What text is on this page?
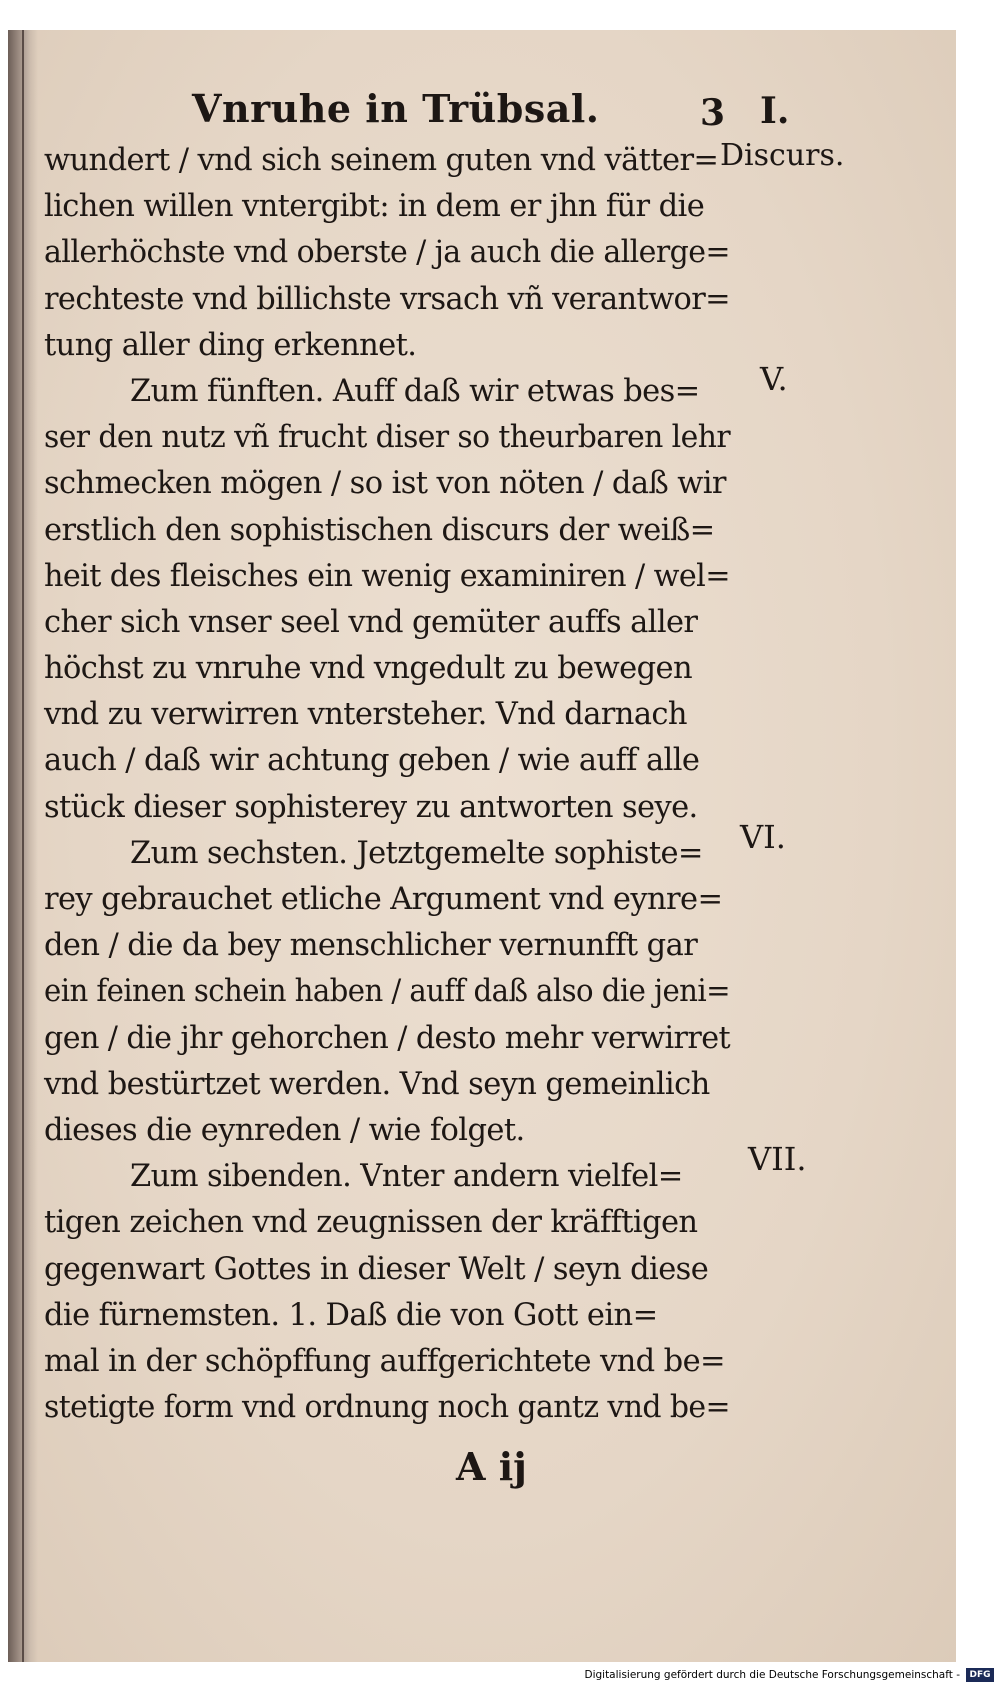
Vnruhe in Trübsal.	3
wundert / vnd sich seinem guten vnd vätter=
lichen willen vntergibt: in dem er jhn für die
allerhöchste vnd oberste / ja auch die allerge=
rechteste vnd billichste vrsach vñ verantwor=
tung aller ding erkennet.
Zum fünften. Auff daß wir etwas bes=
ser den nutz vñ frucht diser so theurbaren lehr
schmecken mögen / so ist von nöten / daß wir
erstlich den sophistischen discurs der weiß=
heit des fleisches ein wenig examiniren / wel=
cher sich vnser seel vnd gemüter auffs aller
höchst zu vnruhe vnd vngedult zu bewegen
vnd zu verwirren vntersteher. Vnd darnach
auch / daß wir achtung geben / wie auff alle
stück dieser sophisterey zu antworten seye.
Zum sechsten. Jetztgemelte sophiste=
rey gebrauchet etliche Argument vnd eynre=
den / die da bey menschlicher vernunfft gar
ein feinen schein haben / auff daß also die jeni=
gen / die jhr gehorchen / desto mehr verwirret
vnd bestürtzet werden. Vnd seyn gemeinlich
dieses die eynreden / wie folget.
Zum sibenden. Vnter andern vielfel=
tigen zeichen vnd zeugnissen der kräfftigen
gegenwart Gottes in dieser Welt / seyn diese
die fürnemsten. 1. Daß die von Gott ein=
mal in der schöpffung auffgerichtete vnd be=
stetigte form vnd ordnung noch gantz vnd be=
I.
Discurs.
V.
VI.
VII.
A ij
Digitalisierung gefördert durch die Deutsche Forschungsgemeinschaft -	DFG
